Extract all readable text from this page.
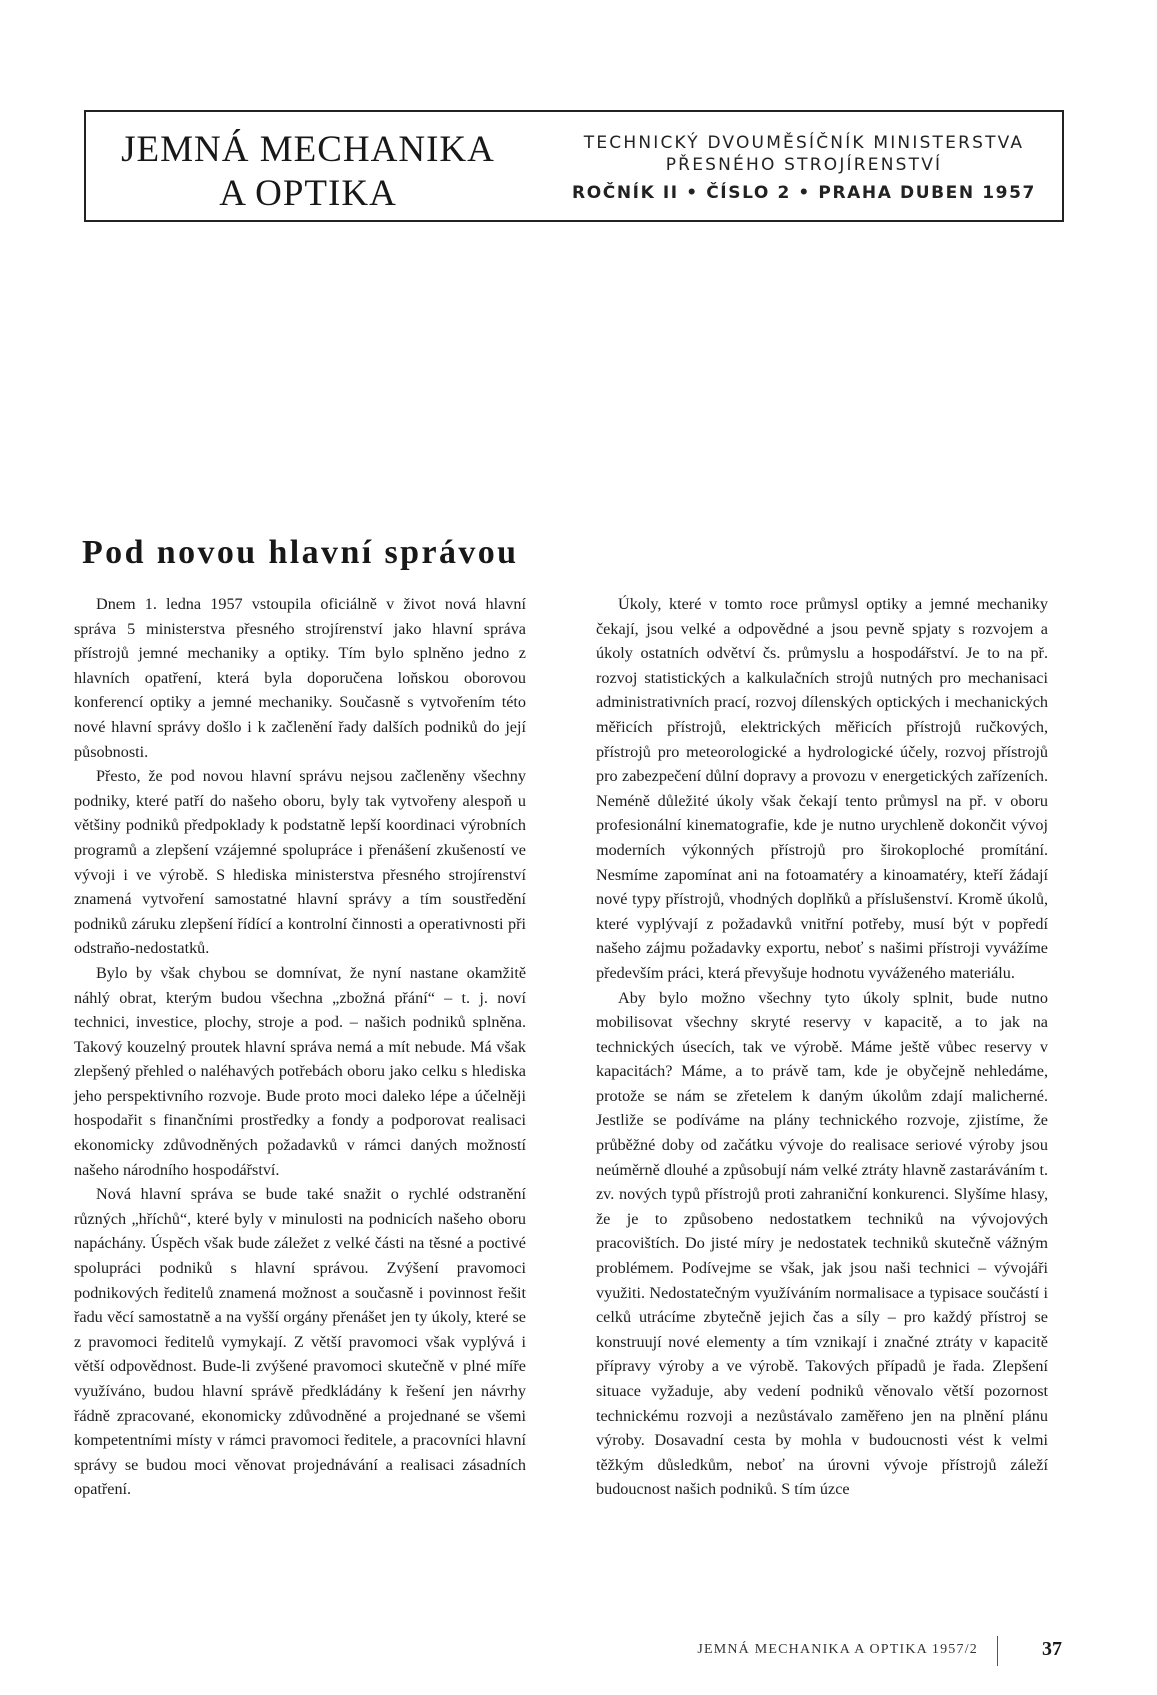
JEMNÁ MECHANIKA
A OPTIKA
TECHNICKÝ DVOUMĚSÍČNÍK MINISTERSTVA
PŘESNÉHO STROJÍRENSTVÍ
ROČNÍK II • ČÍSLO 2 • PRAHA DUBEN 1957
Pod novou hlavní správou

Dnem 1. ledna 1957 vstoupila oficiálně v život nová hlavní správa 5 ministerstva přesného strojírenství jako hlavní správa přístrojů jemné mechaniky a optiky. Tím bylo splněno jedno z hlavních opatření, která byla doporučena loňskou oborovou konferencí optiky a jemné mechaniky. Současně s vytvořením této nové hlavní správy došlo i k začlenění řady dalších podniků do její působnosti.

Přesto, že pod novou hlavní správu nejsou začleněny všechny podniky, které patří do našeho oboru, byly tak vytvořeny alespoň u většiny podniků předpoklady k podstatně lepší koordinaci výrobních programů a zlepšení vzájemné spolupráce i přenášení zkušeností ve vývoji i ve výrobě. S hlediska ministerstva přesného strojírenství znamená vytvoření samostatné hlavní správy a tím soustředění podniků záruku zlepšení řídící a kontrolní činnosti a operativnosti při odstraňo-nedostatků.

Bylo by však chybou se domnívat, že nyní nastane okamžitě náhlý obrat, kterým budou všechna „zbožná přání“ – t. j. noví technici, investice, plochy, stroje a pod. – našich podniků splněna. Takový kouzelný proutek hlavní správa nemá a mít nebude. Má však zlepšený přehled o naléhavých potřebách oboru jako celku s hlediska jeho perspektivního rozvoje. Bude proto moci daleko lépe a účelněji hospodařit s finančními prostředky a fondy a podporovat realisaci ekonomicky zdůvodněných požadavků v rámci daných možností našeho národního hospodářství.

Nová hlavní správa se bude také snažit o rychlé odstranění různých „hříchů“, které byly v minulosti na podnicích našeho oboru napáchány. Úspěch však bude záležet z velké části na těsné a poctivé spolupráci podniků s hlavní správou. Zvýšení pravomoci podnikových ředitelů znamená možnost a současně i povinnost řešit řadu věcí samostatně a na vyšší orgány přenášet jen ty úkoly, které se z pravomoci ředitelů vymykají. Z větší pravomoci však vyplývá i větší odpovědnost. Bude-li zvýšené pravomoci skutečně v plné míře využíváno, budou hlavní správě předkládány k řešení jen návrhy řádně zpracované, ekonomicky zdůvodněné a projednané se všemi kompetentními místy v rámci pravomoci ředitele, a pracovníci hlavní správy se budou moci věnovat projednávání a realisaci zásadních opatření.

Úkoly, které v tomto roce průmysl optiky a jemné mechaniky čekají, jsou velké a odpovědné a jsou pevně spjaty s rozvojem a úkoly ostatních odvětví čs. průmyslu a hospodářství. Je to na př. rozvoj statistických a kalkulačních strojů nutných pro mechanisaci administrativních prací, rozvoj dílenských optických i mechanických měřicích přístrojů, elektrických měřicích přístrojů ručkových, přístrojů pro meteorologické a hydrologické účely, rozvoj přístrojů pro zabezpečení důlní dopravy a provozu v energetických zařízeních. Neméně důležité úkoly však čekají tento průmysl na př. v oboru profesionální kinematografie, kde je nutno urychleně dokončit vývoj moderních výkonných přístrojů pro širokoploché promítání. Nesmíme zapomínat ani na fotoamatéry a kinoamatéry, kteří žádají nové typy přístrojů, vhodných doplňků a příslušenství. Kromě úkolů, které vyplývají z požadavků vnitřní potřeby, musí být v popředí našeho zájmu požadavky exportu, neboť s našimi přístroji vyvážíme především práci, která převyšuje hodnotu vyváženého materiálu.

Aby bylo možno všechny tyto úkoly splnit, bude nutno mobilisovat všechny skryté reservy v kapacitě, a to jak na technických úsecích, tak ve výrobě. Máme ještě vůbec reservy v kapacitách? Máme, a to právě tam, kde je obyčejně nehledáme, protože se nám se zřetelem k daným úkolům zdají malicherné. Jestliže se podíváme na plány technického rozvoje, zjistíme, že průběžné doby od začátku vývoje do realisace seriové výroby jsou neúměrně dlouhé a způsobují nám velké ztráty hlavně zastaráváním t. zv. nových typů přístrojů proti zahraniční konkurenci. Slyšíme hlasy, že je to způsobeno nedostatkem techniků na vývojových pracovištích. Do jisté míry je nedostatek techniků skutečně vážným problémem. Podívejme se však, jak jsou naši technici – vývojáři využiti. Nedostatečným využíváním normalisace a typisace součástí i celků utrácíme zbytečně jejich čas a síly – pro každý přístroj se konstruují nové elementy a tím vznikají i značné ztráty v kapacitě přípravy výroby a ve výrobě. Takových případů je řada. Zlepšení situace vyžaduje, aby vedení podniků věnovalo větší pozornost technickému rozvoji a nezůstávalo zaměřeno jen na plnění plánu výroby. Dosavadní cesta by mohla v budoucnosti vést k velmi těžkým důsledkům, neboť na úrovni vývoje přístrojů záleží budoucnost našich podniků. S tím úzce

JEMNÁ MECHANIKA A OPTIKA 1957/2	37
